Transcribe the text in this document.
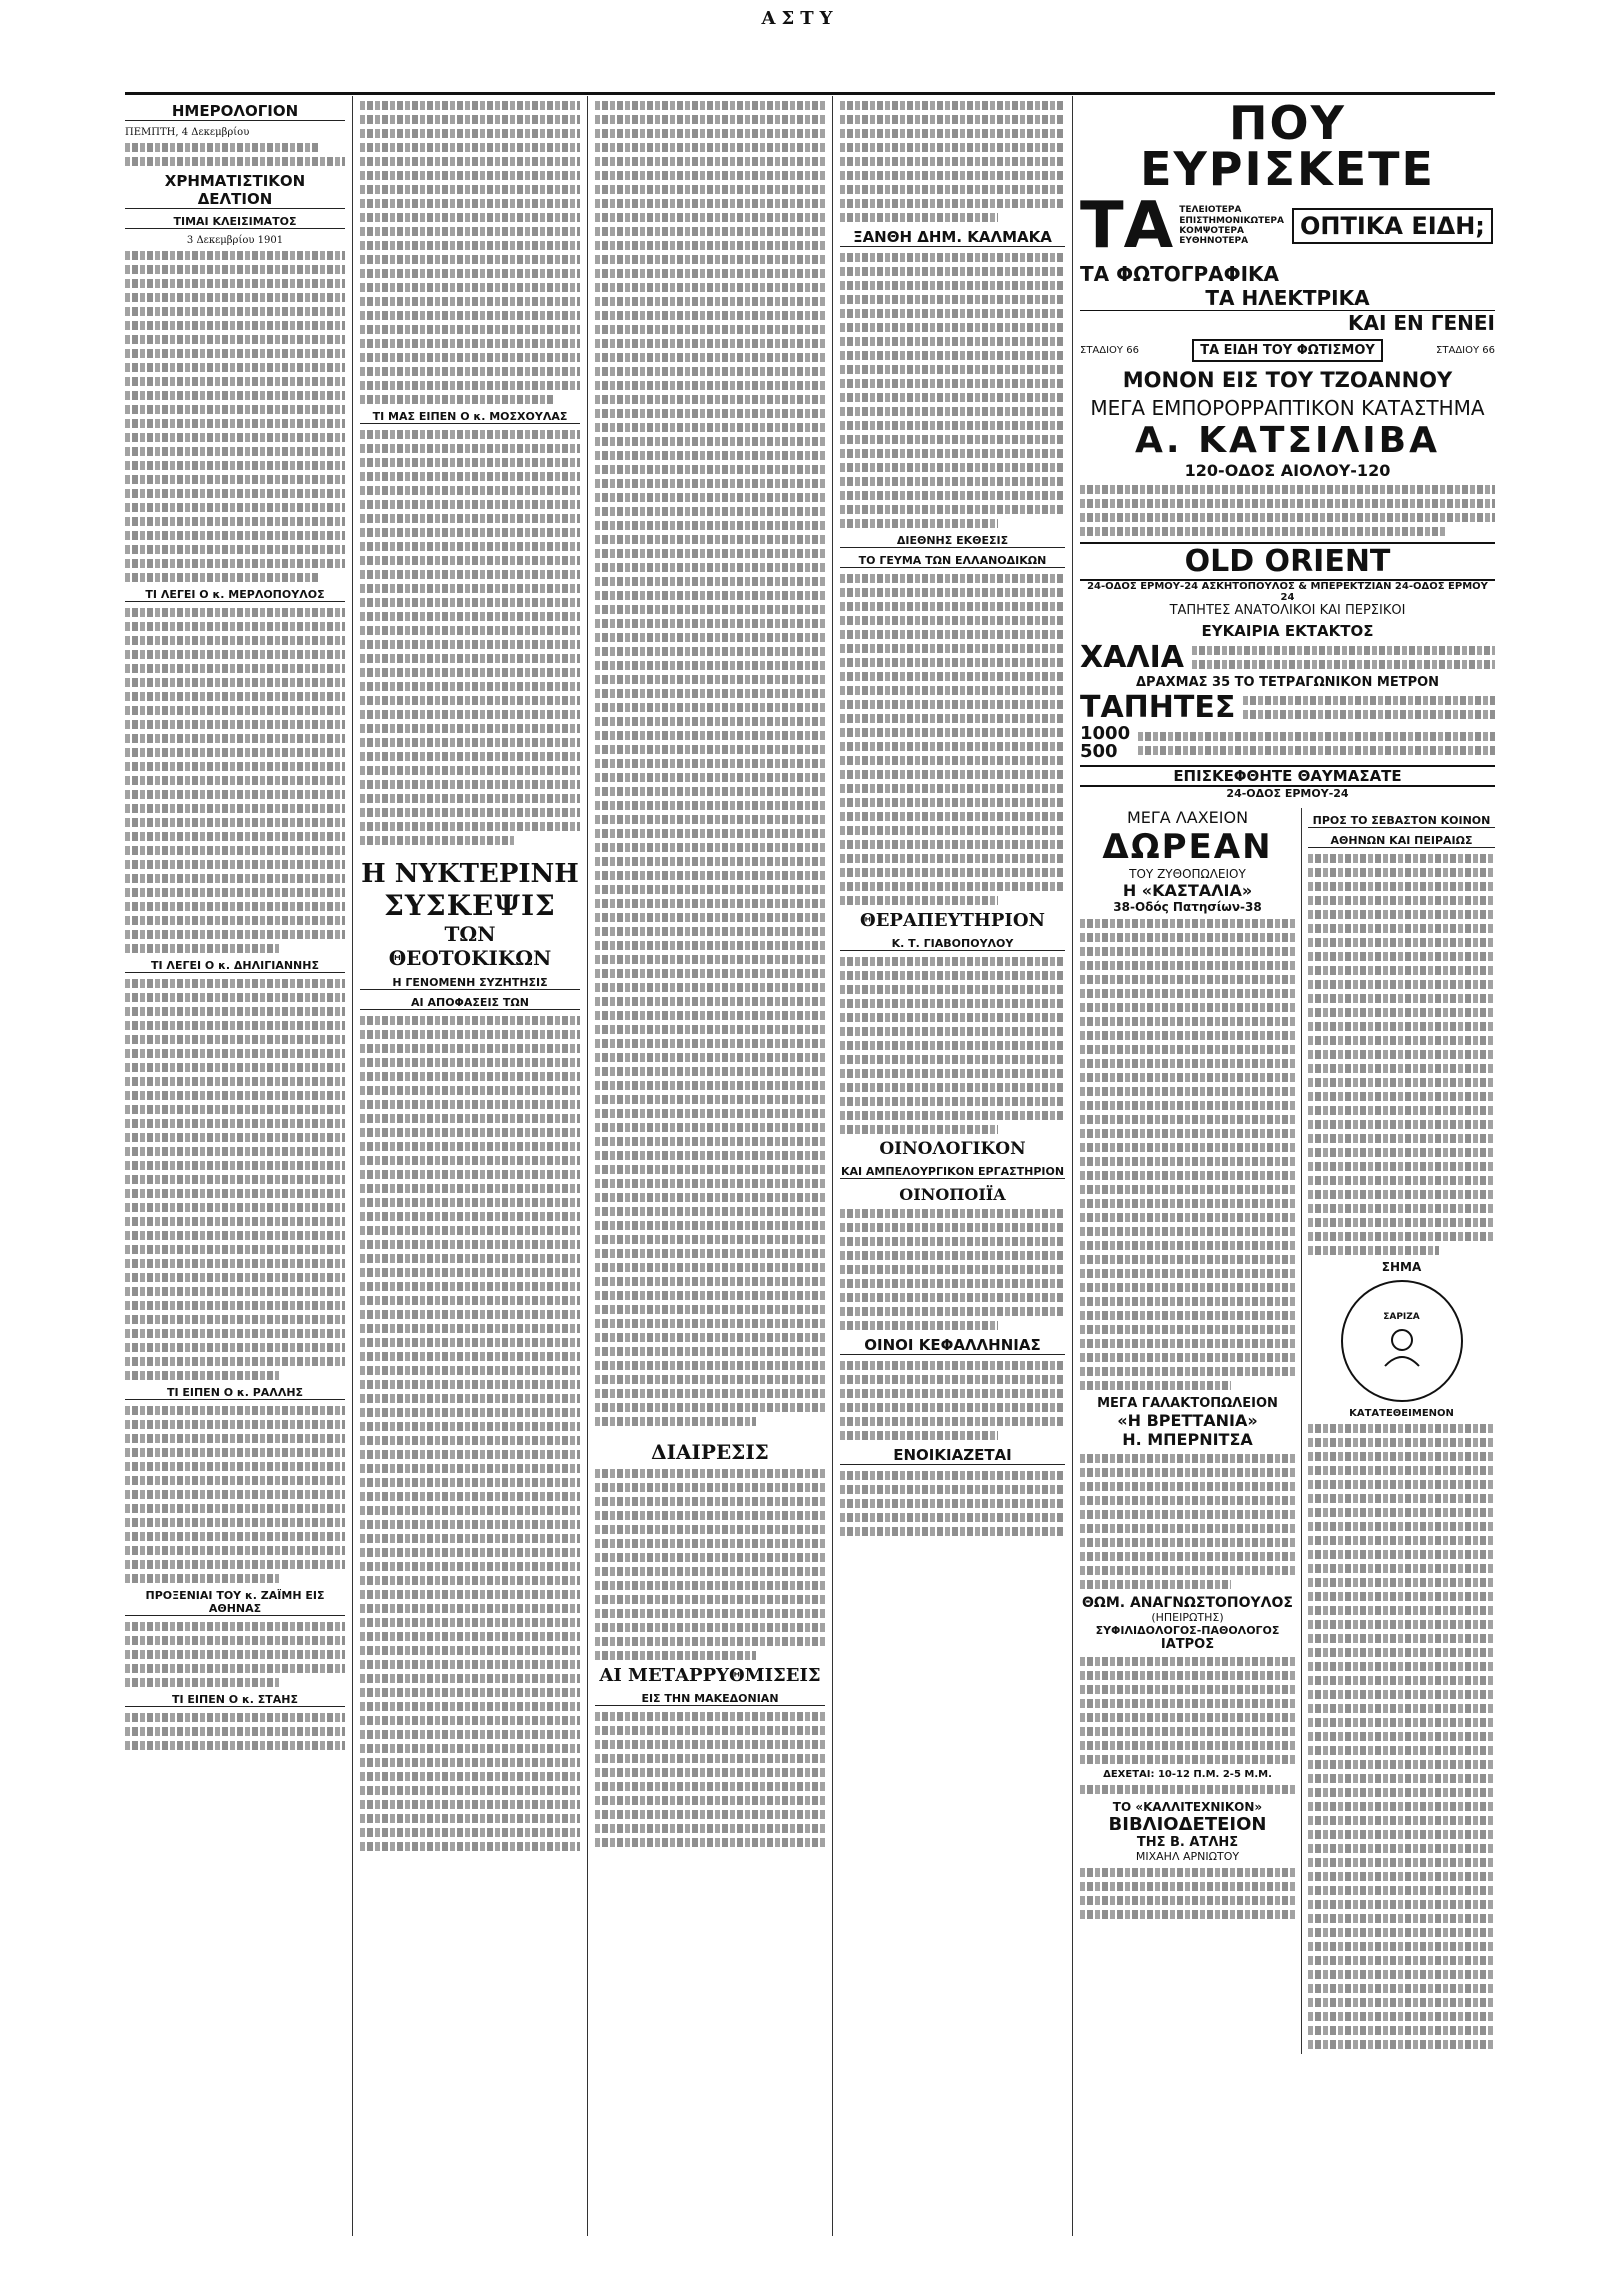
ΑΣΤΥ
ΗΜΕΡΟΛΟΓΙΟΝ
ΠΕΜΠΤΗ, 4 Δεκεμβρίου
ΧΡΗΜΑΤΙΣΤΙΚΟΝ ΔΕΛΤΙΟΝ
ΤΙΜΑΙ ΚΛΕΙΣΙΜΑΤΟΣ
3 Δεκεμβρίου 1901
ΤΙ ΛΕΓΕΙ Ο κ. ΜΕΡΛΟΠΟΥΛΟΣ
ΤΙ ΛΕΓΕΙ Ο κ. ΔΗΛΙΓΙΑΝΝΗΣ
ΤΙ ΕΙΠΕΝ Ο κ. ΡΑΛΛΗΣ
ΠΡΟΞΕΝΙΑΙ ΤΟΥ κ. ΖΑΪΜΗ ΕΙΣ ΑΘΗΝΑΣ
ΤΙ ΕΙΠΕΝ Ο κ. ΣΤΑΗΣ
ΤΙ ΜΑΣ ΕΙΠΕΝ Ο κ. ΜΟΣΧΟΥΛΑΣ
Η ΝΥΚΤΕΡΙΝΗ
ΣΥΣΚΕΨΙΣ
ΤΩΝ ΘΕΟΤΟΚΙΚΩΝ
Η ΓΕΝΟΜΕΝΗ ΣΥΖΗΤΗΣΙΣ
ΑΙ ΑΠΟΦΑΣΕΙΣ ΤΩΝ
ΔΙΑΙΡΕΣΙΣ
ΑΙ ΜΕΤΑΡΡΥΘΜΙΣΕΙΣ
ΕΙΣ ΤΗΝ ΜΑΚΕΔΟΝΙΑΝ
ΞΑΝΘΗ ΔΗΜ. ΚΑΛΜΑΚΑ
ΔΙΕΘΝΗΣ ΕΚΘΕΣΙΣ
ΤΟ ΓΕΥΜΑ ΤΩΝ ΕΛΛΑΝΟΔΙΚΩΝ
ΘΕΡΑΠΕΥΤΗΡΙΟΝ
Κ. Τ. ΓΙΑΒΟΠΟΥΛΟΥ
ΟΙΝΟΛΟΓΙΚΟΝ
ΚΑΙ ΑΜΠΕΛΟΥΡΓΙΚΟΝ ΕΡΓΑΣΤΗΡΙΟΝ
ΟΙΝΟΠΟΙΪΑ
ΟΙΝΟΙ ΚΕΦΑΛΛΗΝΙΑΣ
ΕΝΟΙΚΙΑΖΕΤΑΙ
ΠΟΥ ΕΥΡΙΣΚΕΤΕ
ΤΑ ΤΕΛΕΙΟΤΕΡΑ
ΕΠΙΣΤΗΜΟΝΙΚΩΤΕΡΑ
ΚΟΜΨΟΤΕΡΑ
ΕΥΘΗΝΟΤΕΡΑ
ΟΠΤΙΚΑ ΕΙΔΗ;
ΤΑ ΦΩΤΟΓΡΑΦΙΚΑ
ΤΑ ΗΛΕΚΤΡΙΚΑ
ΚΑΙ ΕΝ ΓΕΝΕΙ
ΣΤΑΔΙΟΥ 66	ΤΑ ΕΙΔΗ ΤΟΥ ΦΩΤΙΣΜΟΥ	ΣΤΑΔΙΟΥ 66
ΜΟΝΟΝ ΕΙΣ ΤΟΥ ΤΖΟΑΝΝΟΥ
ΜΕΓΑ ΕΜΠΟΡΟΡΡΑΠΤΙΚΟΝ ΚΑΤΑΣΤΗΜΑ
Α. ΚΑΤΣΙΛΙΒΑ
120-ΟΔΟΣ ΑΙΟΛΟΥ-120
OLD ORIENT
24-ΟΔΟΣ ΕΡΜΟΥ-24 ΑΣΚΗΤΟΠΟΥΛΟΣ & ΜΠΕΡΕΚΤΖΙΑΝ 24-ΟΔΟΣ ΕΡΜΟΥ 24
ΤΑΠΗΤΕΣ ΑΝΑΤΟΛΙΚΟΙ ΚΑΙ ΠΕΡΣΙΚΟΙ
ΕΥΚΑΙΡΙΑ ΕΚΤΑΚΤΟΣ
ΧΑΛΙΑ
ΔΡΑΧΜΑΣ 35 ΤΟ ΤΕΤΡΑΓΩΝΙΚΟΝ ΜΕΤΡΟΝ
ΤΑΠΗΤΕΣ
1000
500
ΕΠΙΣΚΕΦΘΗΤΕ ΘΑΥΜΑΣΑΤΕ
24-ΟΔΟΣ ΕΡΜΟΥ-24
ΜΕΓΑ ΛΑΧΕΙΟΝ
ΔΩΡΕΑΝ
ΤΟΥ ΖΥΘΟΠΩΛΕΙΟΥ
Η «ΚΑΣΤΑΛΙΑ»
38-Οδός Πατησίων-38
ΜΕΓΑ ΓΑΛΑΚΤΟΠΩΛΕΙΟΝ
«Η ΒΡΕΤΤΑΝΙΑ»
Η. ΜΠΕΡΝΙΤΣΑ
ΘΩΜ. ΑΝΑΓΝΩΣΤΟΠΟΥΛΟΣ
(ΗΠΕΙΡΩΤΗΣ)
ΣΥΦΙΛΙΔΟΛΟΓΟΣ-ΠΑΘΟΛΟΓΟΣ
ΙΑΤΡΟΣ
ΔΕΧΕΤΑΙ: 10-12 Π.Μ. 2-5 Μ.Μ.
ΤΟ «ΚΑΛΛΙΤΕΧΝΙΚΟΝ»
ΒΙΒΛΙΟΔΕΤΕΙΟΝ
ΤΗΣ Β. ΑΤΛΗΣ
ΜΙΧΑΗΛ ΑΡΝΙΩΤΟΥ
ΠΡΟΣ ΤΟ ΣΕΒΑΣΤΟΝ ΚΟΙΝΟΝ
ΑΘΗΝΩΝ ΚΑΙ ΠΕΙΡΑΙΩΣ
ΣΗΜΑ
ΣΑΡΙΖΑ
ΚΑΤΑΤΕΘΕΙΜΕΝΟΝ
